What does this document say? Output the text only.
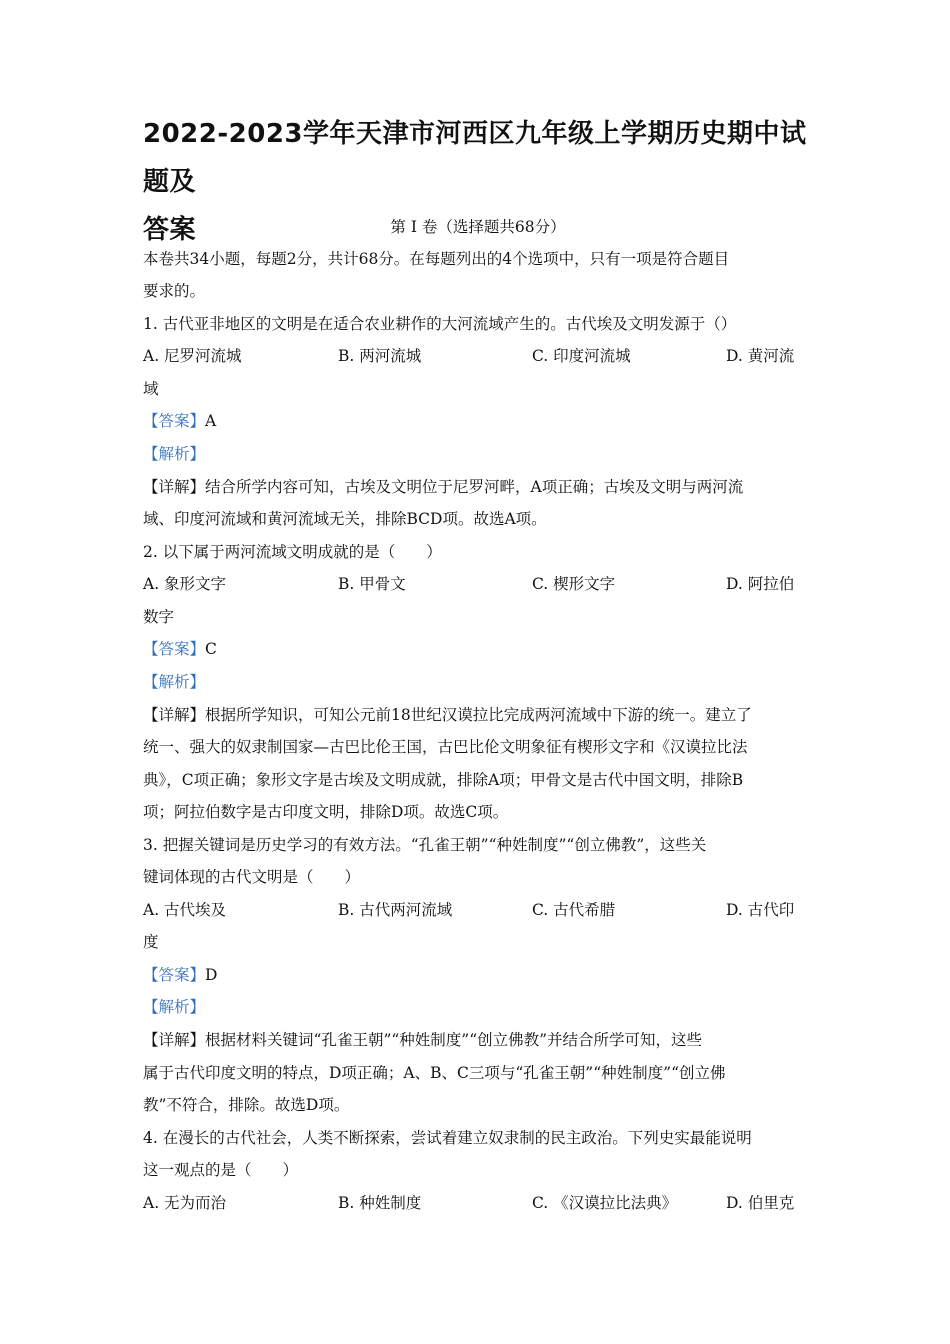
2022-2023学年天津市河西区九年级上学期历史期中试题及
答案	第 I 卷（选择题共68分）
本卷共34小题，每题2分，共计68分。在每题列出的4个选项中，只有一项是符合题目
要求的。
1. 古代亚非地区的文明是在适合农业耕作的大河流域产生的。古代埃及文明发源于（）
A. 尼罗河流城	B. 两河流城	C. 印度河流城	D. 黄河流
域
【答案】A
【解析】
【详解】结合所学内容可知，古埃及文明位于尼罗河畔，A项正确；古埃及文明与两河流
域、印度河流域和黄河流域无关，排除BCD项。故选A项。
2. 以下属于两河流域文明成就的是（　　）
A. 象形文字	B. 甲骨文	C. 楔形文字	D. 阿拉伯
数字
【答案】C
【解析】
【详解】根据所学知识，可知公元前18世纪汉谟拉比完成两河流域中下游的统一。建立了
统一、强大的奴隶制国家—古巴比伦王国，古巴比伦文明象征有楔形文字和《汉谟拉比法
典》，C项正确；象形文字是古埃及文明成就，排除A项；甲骨文是古代中国文明，排除B
项；阿拉伯数字是古印度文明，排除D项。故选C项。
3. 把握关键词是历史学习的有效方法。“孔雀王朝”“种姓制度”“创立佛教”，这些关
键词体现的古代文明是（　　）
A. 古代埃及	B. 古代两河流域	C. 古代希腊	D. 古代印
度
【答案】D
【解析】
【详解】根据材料关键词“孔雀王朝”“种姓制度”“创立佛教”并结合所学可知，这些
属于古代印度文明的特点，D项正确；A、B、C三项与“孔雀王朝”“种姓制度”“创立佛
教”不符合，排除。故选D项。
4. 在漫长的古代社会，人类不断探索，尝试着建立奴隶制的民主政治。下列史实最能说明
这一观点的是（　　）
A. 无为而治	B. 种姓制度	C. 《汉谟拉比法典》	D. 伯里克
